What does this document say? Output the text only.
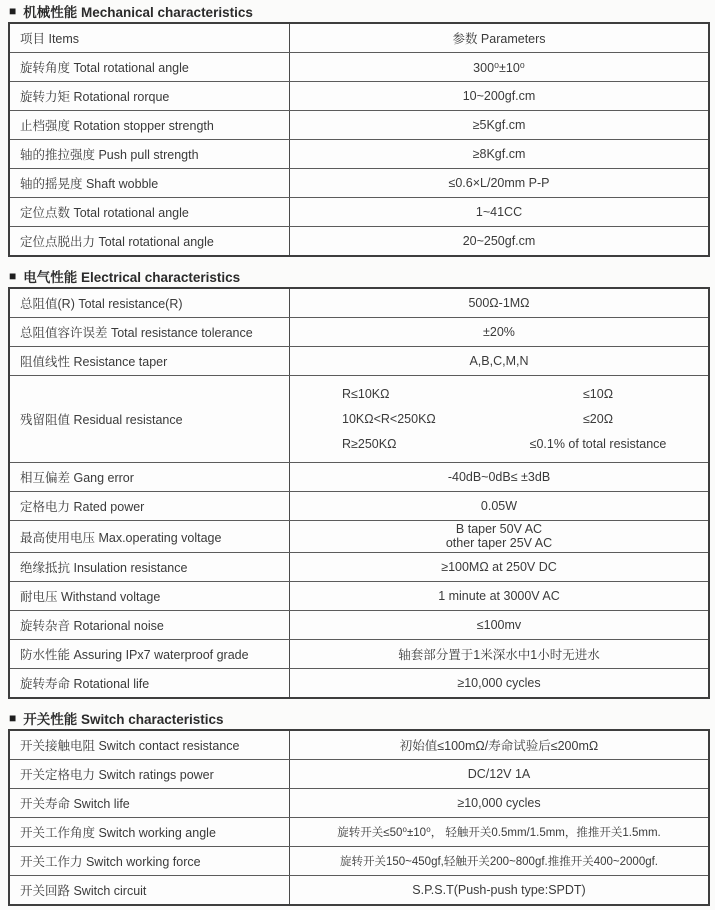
■ 机械性能 Mechanical characteristics
项目 Items	参数 Parameters
旋转角度 Total rotational angle	300⁰±10⁰
旋转力矩 Rotational rorque	10~200gf.cm
止档强度 Rotation stopper strength	≥5Kgf.cm
轴的推拉强度 Push pull strength	≥8Kgf.cm
轴的摇晃度 Shaft wobble	≤0.6×L/20mm P-P
定位点数 Total rotational angle	1~41CC
定位点脱出力 Total rotational angle	20~250gf.cm
■ 电气性能 Electrical characteristics
总阻值(R) Total resistance(R)	500Ω-1MΩ
总阻值容许误差 Total resistance tolerance	±20%
阻值线性 Resistance taper	A,B,C,M,N
残留阻值 Residual resistance
R≤10KΩ	≤10Ω
10KΩ<R<250KΩ	≤20Ω
R≥250KΩ	≤0.1% of total resistance
相互偏差 Gang error	-40dB~0dB≤ ±3dB
定格电力 Rated power	0.05W
最高使用电压 Max.operating voltage
B taper 50V AC
other taper 25V AC
绝缘抵抗 Insulation resistance	≥100MΩ at 250V DC
耐电压 Withstand voltage	1 minute at 3000V AC
旋转杂音 Rotarional noise	≤100mv
防水性能 Assuring IPx7 waterproof grade	轴套部分置于1米深水中1小时无进水
旋转寿命 Rotational life	≥10,000 cycles
■ 开关性能 Switch characteristics
开关接触电阻 Switch contact resistance	初始值≤100mΩ/寿命试验后≤200mΩ
开关定格电力 Switch ratings power	DC/12V 1A
开关寿命 Switch life	≥10,000 cycles
开关工作角度 Switch working angle	旋转开关≤50⁰±10⁰， 轻触开关0.5mm/1.5mm，推推开关1.5mm.
开关工作力 Switch working force	旋转开关150~450gf,轻触开关200~800gf.推推开关400~2000gf.
开关回路 Switch circuit	S.P.S.T(Push-push type:SPDT)
